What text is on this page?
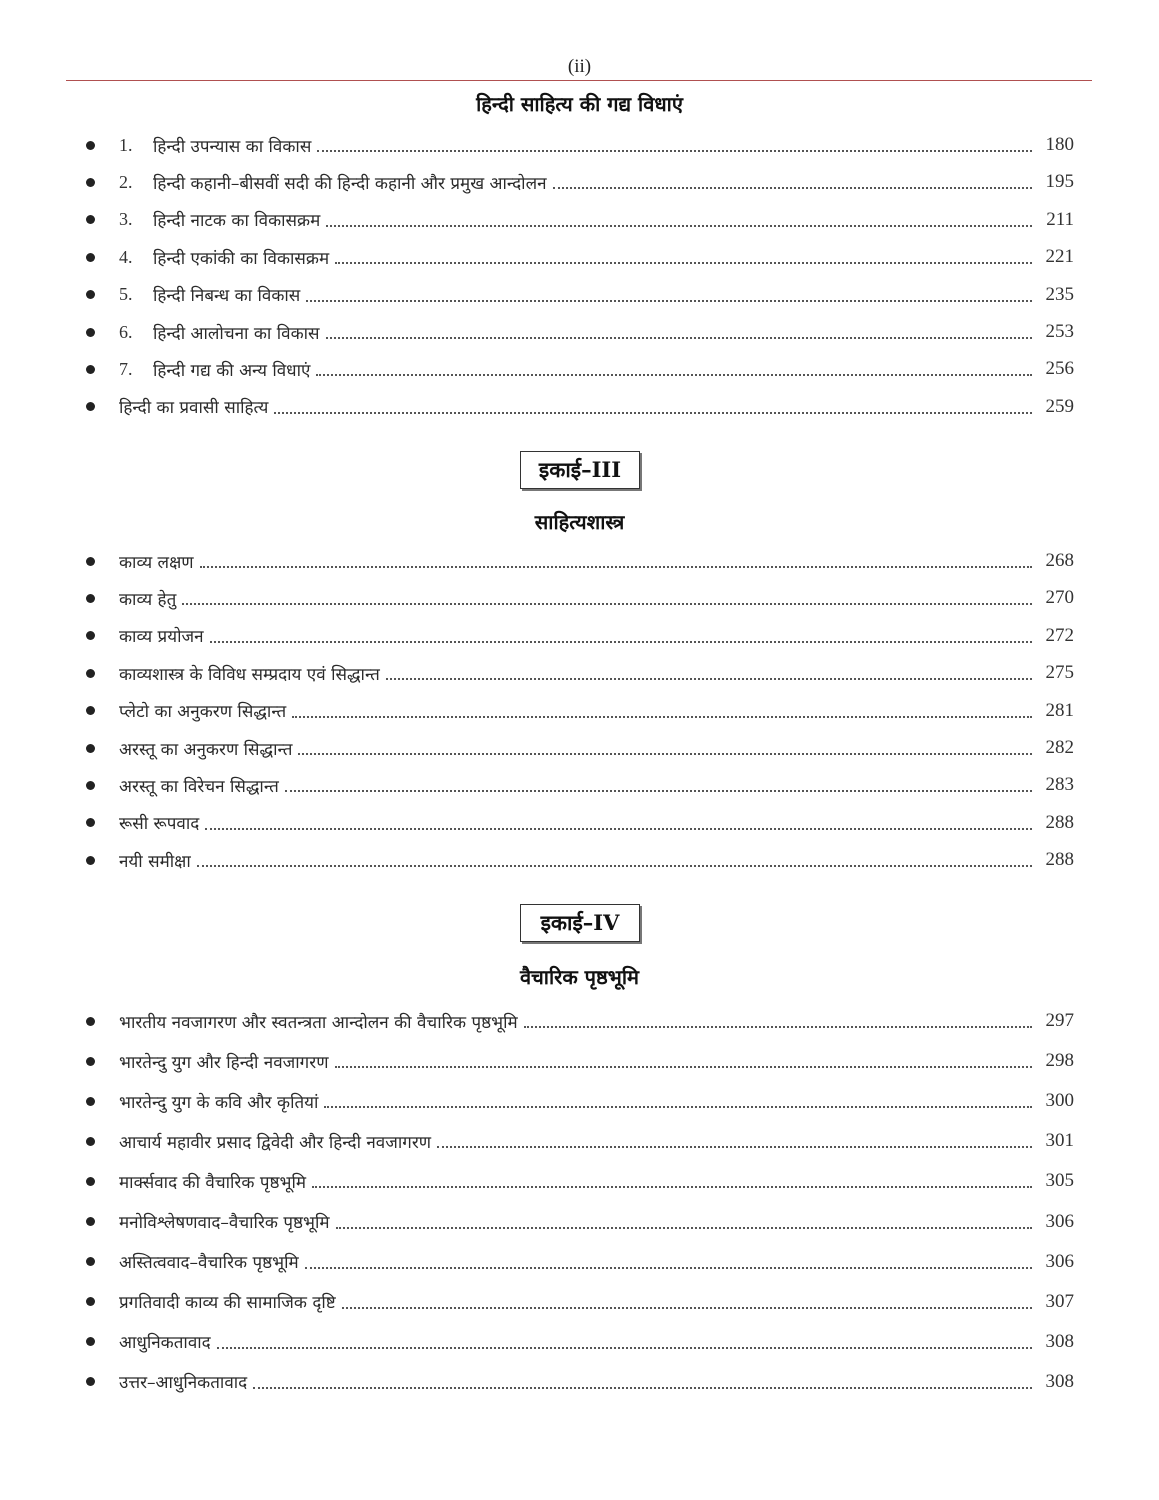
(ii)
हिन्दी साहित्य की गद्य विधाएं
1.	हिन्दी उपन्यास का विकास	180
2.	हिन्दी कहानी–बीसवीं सदी की हिन्दी कहानी और प्रमुख आन्दोलन	195
3.	हिन्दी नाटक का विकासक्रम	211
4.	हिन्दी एकांकी का विकासक्रम	221
5.	हिन्दी निबन्ध का विकास	235
6.	हिन्दी आलोचना का विकास	253
7.	हिन्दी गद्य की अन्य विधाएं	256
हिन्दी का प्रवासी साहित्य	259
इकाई–III
साहित्यशास्त्र
काव्य लक्षण	268
काव्य हेतु	270
काव्य प्रयोजन	272
काव्यशास्त्र के विविध सम्प्रदाय एवं सिद्धान्त	275
प्लेटो का अनुकरण सिद्धान्त	281
अरस्तू का अनुकरण सिद्धान्त	282
अरस्तू का विरेचन सिद्धान्त	283
रूसी रूपवाद	288
नयी समीक्षा	288
इकाई–IV
वैचारिक पृष्ठभूमि
भारतीय नवजागरण और स्वतन्त्रता आन्दोलन की वैचारिक पृष्ठभूमि	297
भारतेन्दु युग और हिन्दी नवजागरण	298
भारतेन्दु युग के कवि और कृतियां	300
आचार्य महावीर प्रसाद द्विवेदी और हिन्दी नवजागरण	301
मार्क्सवाद की वैचारिक पृष्ठभूमि	305
मनोविश्लेषणवाद–वैचारिक पृष्ठभूमि	306
अस्तित्ववाद–वैचारिक पृष्ठभूमि	306
प्रगतिवादी काव्य की सामाजिक दृष्टि	307
आधुनिकतावाद	308
उत्तर–आधुनिकतावाद	308
